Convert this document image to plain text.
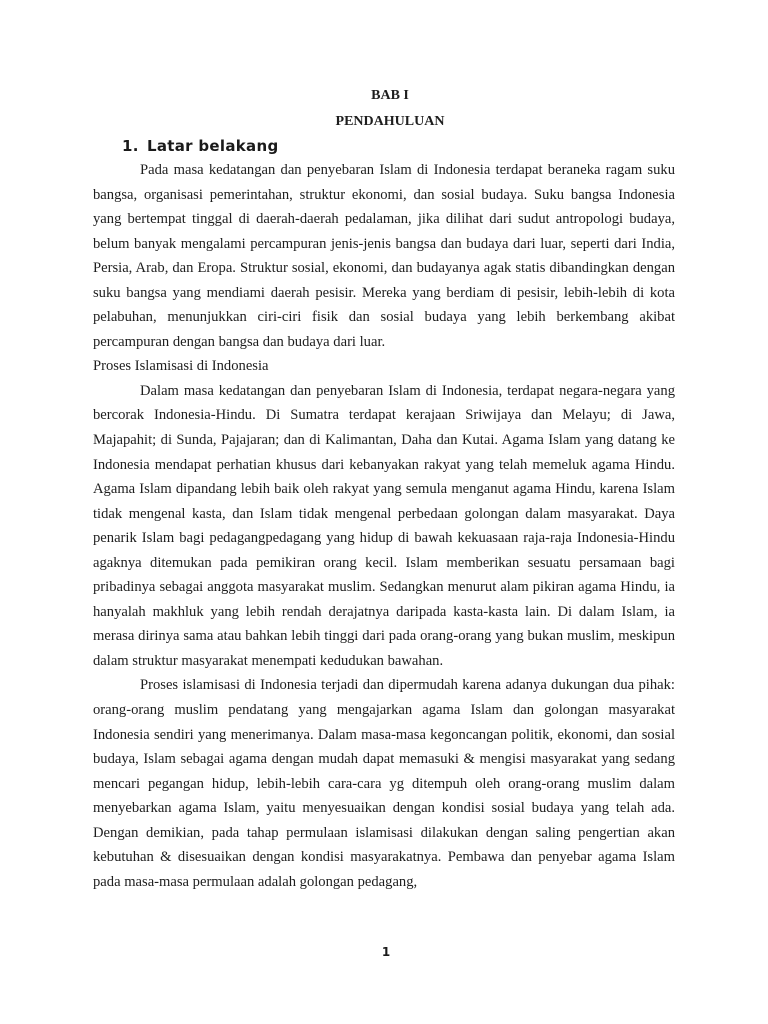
BAB I
PENDAHULUAN
1. Latar belakang

Pada masa kedatangan dan penyebaran Islam di Indonesia terdapat beraneka ragam suku bangsa, organisasi pemerintahan, struktur ekonomi, dan sosial budaya. Suku bangsa Indonesia yang bertempat tinggal di daerah-daerah pedalaman, jika dilihat dari sudut antropologi budaya, belum banyak mengalami percampuran jenis-jenis bangsa dan budaya dari luar, seperti dari India, Persia, Arab, dan Eropa. Struktur sosial, ekonomi, dan budayanya agak statis dibandingkan dengan suku bangsa yang mendiami daerah pesisir. Mereka yang berdiam di pesisir, lebih-lebih di kota pelabuhan, menunjukkan ciri-ciri fisik dan sosial budaya yang lebih berkembang akibat percampuran dengan bangsa dan budaya dari luar.

Proses Islamisasi di Indonesia

Dalam masa kedatangan dan penyebaran Islam di Indonesia, terdapat negara-negara yang bercorak Indonesia-Hindu. Di Sumatra terdapat kerajaan Sriwijaya dan Melayu; di Jawa, Majapahit; di Sunda, Pajajaran; dan di Kalimantan, Daha dan Kutai. Agama Islam yang datang ke Indonesia mendapat perhatian khusus dari kebanyakan rakyat yang telah memeluk agama Hindu. Agama Islam dipandang lebih baik oleh rakyat yang semula menganut agama Hindu, karena Islam tidak mengenal kasta, dan Islam tidak mengenal perbedaan golongan dalam masyarakat. Daya penarik Islam bagi pedagangpedagang yang hidup di bawah kekuasaan raja-raja Indonesia-Hindu agaknya ditemukan pada pemikiran orang kecil. Islam memberikan sesuatu persamaan bagi pribadinya sebagai anggota masyarakat muslim. Sedangkan menurut alam pikiran agama Hindu, ia hanyalah makhluk yang lebih rendah derajatnya daripada kasta-kasta lain. Di dalam Islam, ia merasa dirinya sama atau bahkan lebih tinggi dari pada orang-orang yang bukan muslim, meskipun dalam struktur masyarakat menempati kedudukan bawahan.

Proses islamisasi di Indonesia terjadi dan dipermudah karena adanya dukungan dua pihak: orang-orang muslim pendatang yang mengajarkan agama Islam dan golongan masyarakat Indonesia sendiri yang menerimanya. Dalam masa-masa kegoncangan politik, ekonomi, dan sosial budaya, Islam sebagai agama dengan mudah dapat memasuki & mengisi masyarakat yang sedang mencari pegangan hidup, lebih-lebih cara-cara yg ditempuh oleh orang-orang muslim dalam menyebarkan agama Islam, yaitu menyesuaikan dengan kondisi sosial budaya yang telah ada. Dengan demikian, pada tahap permulaan islamisasi dilakukan dengan saling pengertian akan kebutuhan & disesuaikan dengan kondisi masyarakatnya. Pembawa dan penyebar agama Islam pada masa-masa permulaan adalah golongan pedagang,

1
